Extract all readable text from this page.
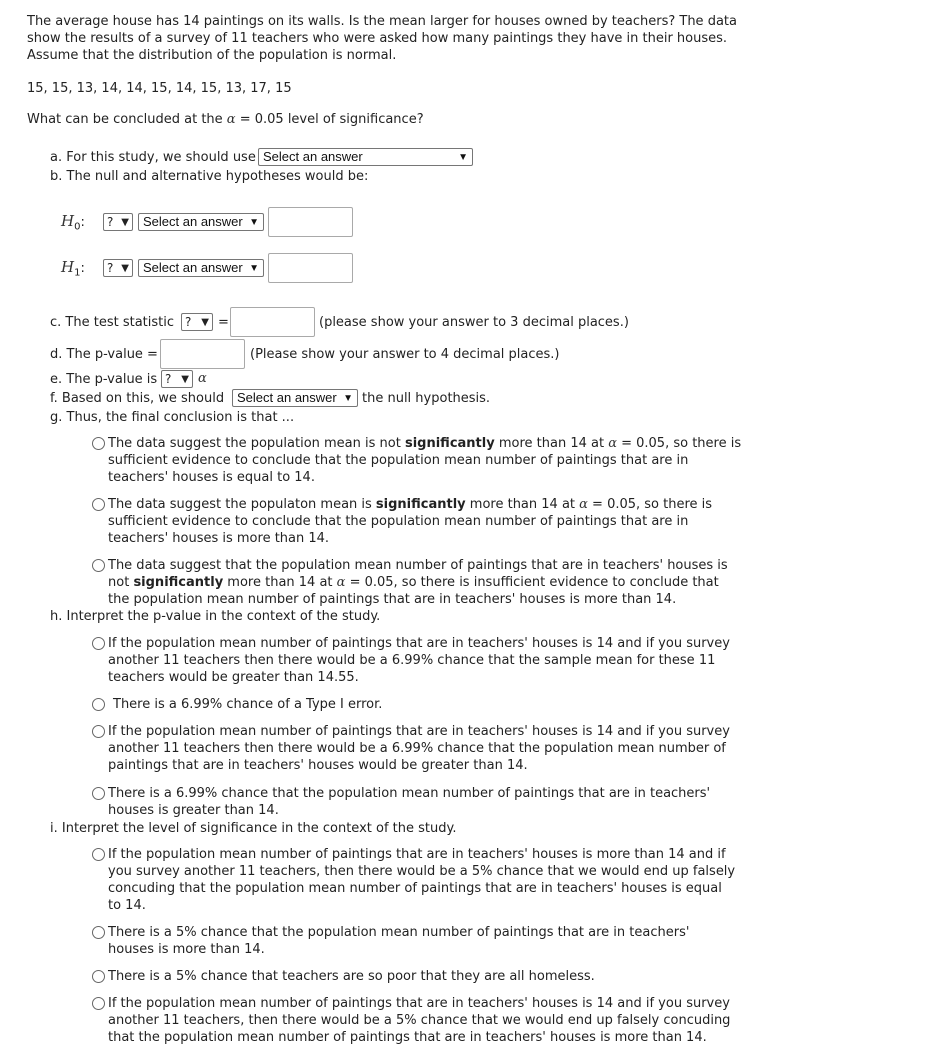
The average house has 14 paintings on its walls. Is the mean larger for houses owned by teachers? The data
show the results of a survey of 11 teachers who were asked how many paintings they have in their houses.
Assume that the distribution of the population is normal.
15, 15, 13, 14, 14, 15, 14, 15, 13, 17, 15
What can be concluded at the α = 0.05 level of significance?
a. For this study, we should use Select an answer	▼
b. The null and alternative hypotheses would be:
$H_0$:	? ▼	Select an answer ▼
$H_1$:	? ▼	Select an answer ▼
c. The test statistic ? ▼ =	(please show your answer to 3 decimal places.)
d. The p-value =	(Please show your answer to 4 decimal places.)
e. The p-value is ? ▼ α
f. Based on this, we should Select an answer ▼ the null hypothesis.
g. Thus, the final conclusion is that ...
The data suggest the population mean is not significantly more than 14 at α = 0.05, so there is
sufficient evidence to conclude that the population mean number of paintings that are in
teachers' houses is equal to 14.
The data suggest the populaton mean is significantly more than 14 at α = 0.05, so there is
sufficient evidence to conclude that the population mean number of paintings that are in
teachers' houses is more than 14.
The data suggest that the population mean number of paintings that are in teachers' houses is
not significantly more than 14 at α = 0.05, so there is insufficient evidence to conclude that
the population mean number of paintings that are in teachers' houses is more than 14.
h. Interpret the p-value in the context of the study.
If the population mean number of paintings that are in teachers' houses is 14 and if you survey
another 11 teachers then there would be a 6.99% chance that the sample mean for these 11
teachers would be greater than 14.55.
There is a 6.99% chance of a Type I error.
If the population mean number of paintings that are in teachers' houses is 14 and if you survey
another 11 teachers then there would be a 6.99% chance that the population mean number of
paintings that are in teachers' houses would be greater than 14.
There is a 6.99% chance that the population mean number of paintings that are in teachers'
houses is greater than 14.
i. Interpret the level of significance in the context of the study.
If the population mean number of paintings that are in teachers' houses is more than 14 and if
you survey another 11 teachers, then there would be a 5% chance that we would end up falsely
concuding that the population mean number of paintings that are in teachers' houses is equal
to 14.
There is a 5% chance that the population mean number of paintings that are in teachers'
houses is more than 14.
There is a 5% chance that teachers are so poor that they are all homeless.
If the population mean number of paintings that are in teachers' houses is 14 and if you survey
another 11 teachers, then there would be a 5% chance that we would end up falsely concuding
that the population mean number of paintings that are in teachers' houses is more than 14.
